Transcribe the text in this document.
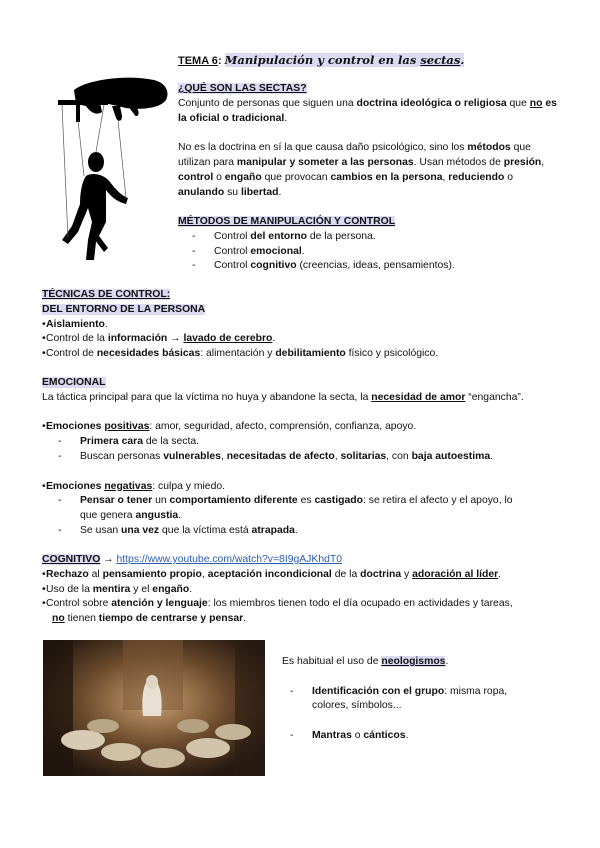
TEMA 6: Manipulación y control en las sectas.
¿QUÉ SON LAS SECTAS?
Conjunto de personas que siguen una doctrina ideológica o religiosa que no es la oficial o tradicional.
No es la doctrina en sí la que causa daño psicológico, sino los métodos que utilizan para manipular y someter a las personas. Usan métodos de presión, control o engaño que provocan cambios en la persona, reduciendo o anulando su libertad.
MÉTODOS DE MANIPULACIÓN Y CONTROL
- Control del entorno de la persona.
- Control emocional.
- Control cognitivo (creencias, ideas, pensamientos).
TÉCNICAS DE CONTROL:
DEL ENTORNO DE LA PERSONA
•Aislamiento.
•Control de la información → lavado de cerebro.
•Control de necesidades básicas: alimentación y debilitamiento físico y psicológico.
EMOCIONAL
La táctica principal para que la víctima no huya y abandone la secta, la necesidad de amor “engancha”.
•Emociones positivas: amor, seguridad, afecto, comprensión, confianza, apoyo.
- Primera cara de la secta.
- Buscan personas vulnerables, necesitadas de afecto, solitarias, con baja autoestima.
•Emociones negativas: culpa y miedo.
- Pensar o tener un comportamiento diferente es castigado: se retira el afecto y el apoyo, lo
que genera angustia.
- Se usan una vez que la víctima está atrapada.
COGNITIVO → https://www.youtube.com/watch?v=8I9gAJKhdT0
•Rechazo al pensamiento propio, aceptación incondicional de la doctrina y adoración al líder.
•Uso de la mentira y el engaño.
•Control sobre atención y lenguaje: los miembros tienen todo el día ocupado en actividades y tareas,
no tienen tiempo de centrarse y pensar.
Es habitual el uso de neologismos.
- Identificación con el grupo: misma ropa,
colores, símbolos...
- Mantras o cánticos.
